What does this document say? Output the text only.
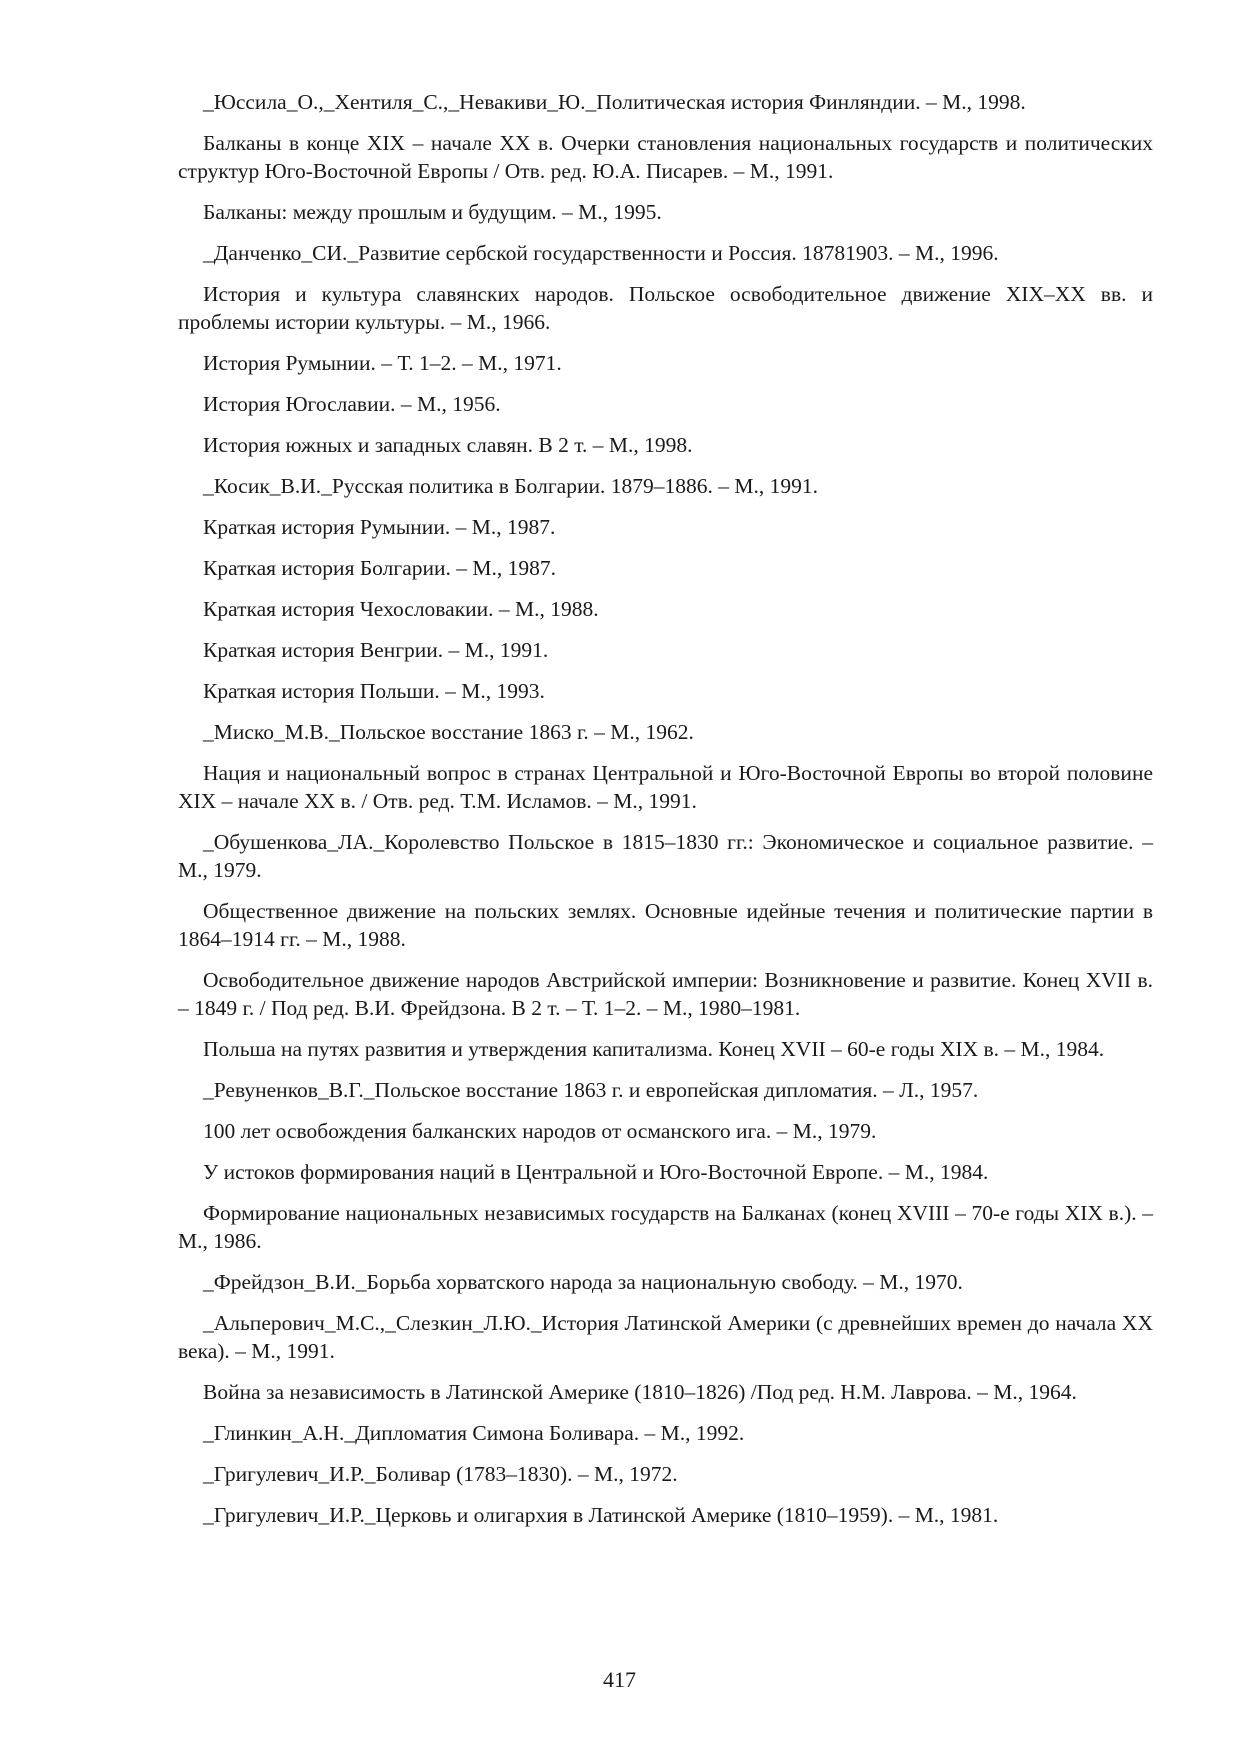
_Юссила_О.,_Хентиля_С.,_Невакиви_Ю._Политическая история Финляндии. – М., 1998.

Балканы в конце XIX – начале XX в. Очерки становления национальных государств и политических структур Юго-Восточной Европы / Отв. ред. Ю.А. Писарев. – М., 1991.

Балканы: между прошлым и будущим. – М., 1995.

_Данченко_СИ._Развитие сербской государственности и Россия. 18781903. – М., 1996.

История и культура славянских народов. Польское освободительное движение XIX–XX вв. и проблемы истории культуры. – М., 1966.

История Румынии. – Т. 1–2. – М., 1971.

История Югославии. – М., 1956.

История южных и западных славян. В 2 т. – М., 1998.

_Косик_В.И._Русская политика в Болгарии. 1879–1886. – М., 1991.

Краткая история Румынии. – М., 1987.

Краткая история Болгарии. – М., 1987.

Краткая история Чехословакии. – М., 1988.

Краткая история Венгрии. – М., 1991.

Краткая история Польши. – М., 1993.

_Миско_М.В._Польское восстание 1863 г. – М., 1962.

Нация и национальный вопрос в странах Центральной и Юго-Восточной Европы во второй половине XIX – начале XX в. / Отв. ред. Т.М. Исламов. – М., 1991.

_Обушенкова_ЛА._Королевство Польское в 1815–1830 гг.: Экономическое и социальное развитие. – М., 1979.

Общественное движение на польских землях. Основные идейные течения и политические партии в 1864–1914 гг. – М., 1988.

Освободительное движение народов Австрийской империи: Возникновение и развитие. Конец XVII в. – 1849 г. / Под ред. В.И. Фрейдзона. В 2 т. – Т. 1–2. – М., 1980–1981.

Польша на путях развития и утверждения капитализма. Конец XVII – 60-е годы XIX в. – М., 1984.

_Ревуненков_В.Г._Польское восстание 1863 г. и европейская дипломатия. – Л., 1957.

100 лет освобождения балканских народов от османского ига. – М., 1979.

У истоков формирования наций в Центральной и Юго-Восточной Европе. – М., 1984.

Формирование национальных независимых государств на Балканах (конец XVIII – 70-е годы XIX в.). – М., 1986.

_Фрейдзон_В.И._Борьба хорватского народа за национальную свободу. – М., 1970.

_Альперович_М.С.,_Слезкин_Л.Ю._История Латинской Америки (с древнейших времен до начала XX века). – М., 1991.

Война за независимость в Латинской Америке (1810–1826) /Под ред. Н.М. Лаврова. – М., 1964.

_Глинкин_А.Н._Дипломатия Симона Боливара. – М., 1992.

_Григулевич_И.Р._Боливар (1783–1830). – М., 1972.

_Григулевич_И.Р._Церковь и олигархия в Латинской Америке (1810–1959). – М., 1981.

417
